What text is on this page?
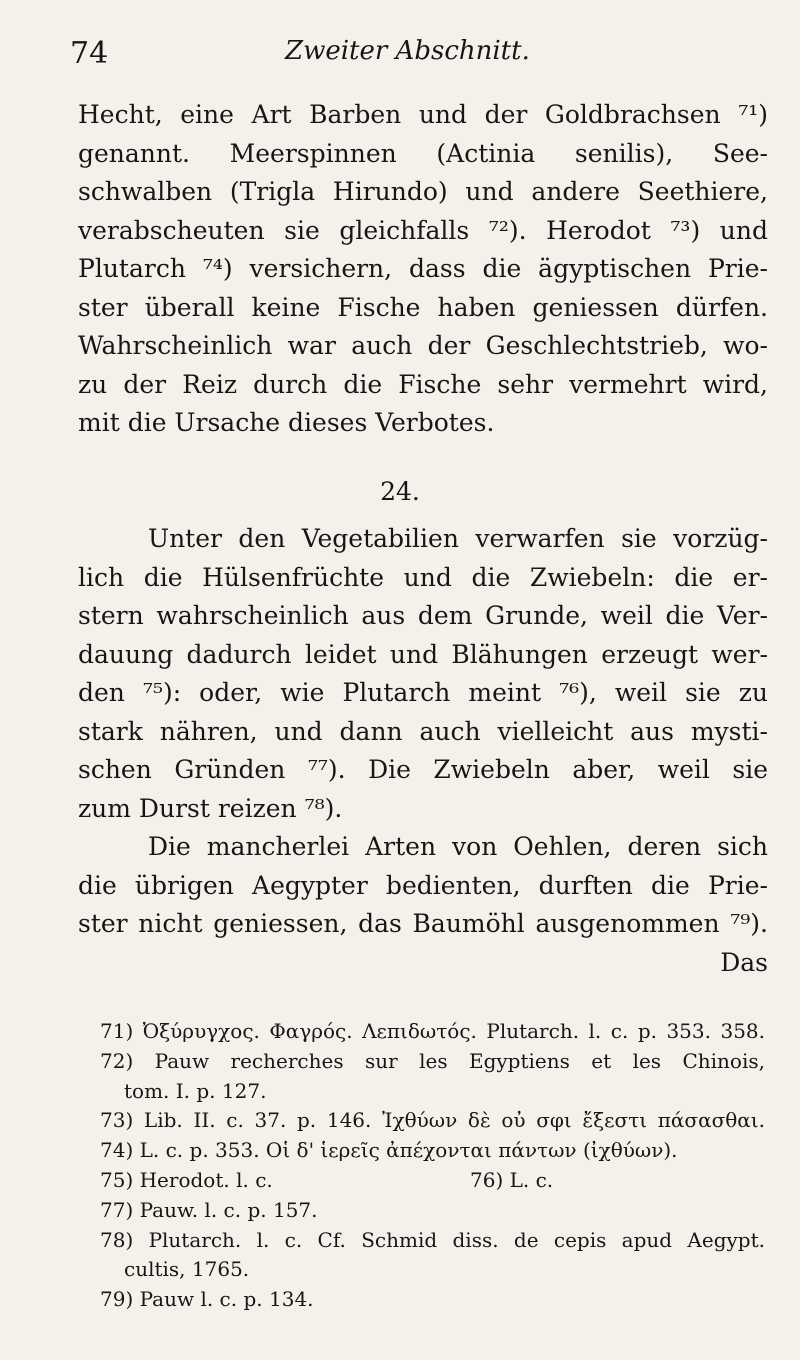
74	Zweiter Abschnitt.
Hecht, eine Art Barben und der Goldbrachsen ⁷¹)
genannt. Meerspinnen (Actinia senilis), See-
schwalben (Trigla Hirundo) und andere Seethiere,
verabscheuten sie gleichfalls ⁷²). Herodot ⁷³) und
Plutarch ⁷⁴) versichern, dass die ägyptischen Prie-
ster überall keine Fische haben geniessen dürfen.
Wahrscheinlich war auch der Geschlechtstrieb, wo-
zu der Reiz durch die Fische sehr vermehrt wird,
mit die Ursache dieses Verbotes.
24.
Unter den Vegetabilien verwarfen sie vorzüg-
lich die Hülsenfrüchte und die Zwiebeln: die er-
stern wahrscheinlich aus dem Grunde, weil die Ver-
dauung dadurch leidet und Blähungen erzeugt wer-
den ⁷⁵): oder, wie Plutarch meint ⁷⁶), weil sie zu
stark nähren, und dann auch vielleicht aus mysti-
schen Gründen ⁷⁷). Die Zwiebeln aber, weil sie
zum Durst reizen ⁷⁸).
Die mancherlei Arten von Oehlen, deren sich
die übrigen Aegypter bedienten, durften die Prie-
ster nicht geniessen, das Baumöhl ausgenommen ⁷⁹).
Das
71) Ὀξύρυγχος. Φαγρός. Λεπιδωτός. Plutarch. l. c. p. 353. 358.
72) Pauw recherches sur les Egyptiens et les Chinois,
tom. I. p. 127.
73) Lib. II. c. 37. p. 146. Ἰχθύων δὲ οὐ σφι ἔξεστι πάσασθαι.
74) L. c. p. 353. Οἱ δ' ἱερεῖς ἀπέχονται πάντων (ἰχθύων).
75) Herodot. l. c.	76) L. c.
77) Pauw. l. c. p. 157.
78) Plutarch. l. c. Cf. Schmid diss. de cepis apud Aegypt.
cultis, 1765.
79) Pauw l. c. p. 134.
